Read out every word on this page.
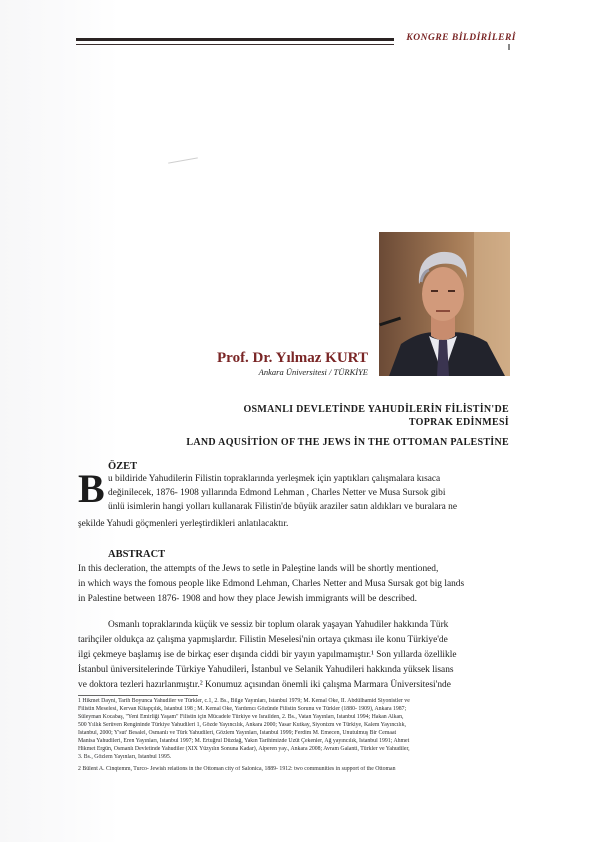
KONGRE BİLDİRİLERİ
Prof. Dr. Yılmaz KURT
Ankara Üniversitesi / TÜRKİYE
OSMANLI DEVLETİNDE YAHUDİLERİN FİLİSTİN'DE
TOPRAK EDİNMESİ
LAND AQUSİTİON OF THE JEWS İN THE OTTOMAN PALESTİNE
ÖZET
B u bildiride Yahudilerin Filistin topraklarında yerleşmek için yaptıkları çalışmalara kısaca
değinilecek, 1876- 1908 yıllarında Edmond Lehman , Charles Netter ve Musa Sursok gibi
ünlü isimlerin hangi yolları kullanarak Filistin'de büyük araziler satın aldıkları ve buralara ne
şekilde Yahudi göçmenleri yerleştirdikleri anlatılacaktır.
ABSTRACT
In this decleration, the attempts of the Jews to setle in Paleştine lands will be shortly mentioned,
in which ways the fomous people like Edmond Lehman, Charles Netter and Musa Sursak got big lands
in Palestine between 1876- 1908 and how they place Jewish immigrants will be described.
Osmanlı topraklarında küçük ve sessiz bir toplum olarak yaşayan Yahudiler hakkında Türk
tarihçiler oldukça az çalışma yapmışlardır. Filistin Meselesi'nin ortaya çıkması ile konu Türkiye'de
ilgi çekmeye başlamış ise de birkaç eser dışında ciddi bir yayın yapılmamıştır.¹ Son yıllarda özellikle
İstanbul üniversitelerinde Türkiye Yahudileri, İstanbul ve Selanik Yahudileri hakkında yüksek lisans
ve doktora tezleri hazırlanmıştır.² Konumuz açısından önemli iki çalışma Marmara Üniversitesi'nde
1 Hikmet Dayni, Tarih Boyunca Yahudiler ve Türkler, c.1, 2. Bs., Bilge Yayınları, İstanbul 1979; M. Kemal Öke, II. Abdülhamid Siyonistler ve
Filistin Meselesi, Kervan Kitapçılık, İstanbul 198 ; M. Kemal Öke, Yardımcı Gözünde Filistin Sorunu ve Türkler (1880- 1909), Ankara 1987;
Süleyman Kocabaş, "Yeni Emirliği Yaşam" Filistin için Mücadele Türkiye ve İsrailden, 2. Bs., Vatan Yayınları, İstanbul 1994; Hakan Alkan,
500 Yıllık Serüven Rengininde Türkiye Yahudileri 1, Gözde Yayıncılık, Ankara 2000; Yasar Kutkay, Siyonizm ve Türkiye, Kalem Yayıncılık,
İstanbul, 2000; Y'sut' Besalel, Osmanlı ve Türk Yahudileri, Gözlem Yayınları, İstanbul 1999; Ferdim M. Emecen, Unutulmuş Bir Cemaat
Manisa Yahudileri, Eren Yayınları, İstanbul 1997; M. Ertuğrul Düzdağ, Yakın Tarihimizde Üzüt Çekenler, Ağ yayıncılık, İstanbul 1991; Ahmet
Hikmet Ergün, Osmanlı Devletinde Yahudiler (XIX Yüzyılın Sonuna Kadar), Alperen yay., Ankara 2008; Avram Galanti, Türkler ve Yahudiler,
3. Bs., Gözlem Yayınları, İstanbul 1995.
2 Bülent A. Cinqtemm, Turco- Jewish relations in the Ottoman city of Salonica, 1889- 1912: two communities in support of the Ottoman
